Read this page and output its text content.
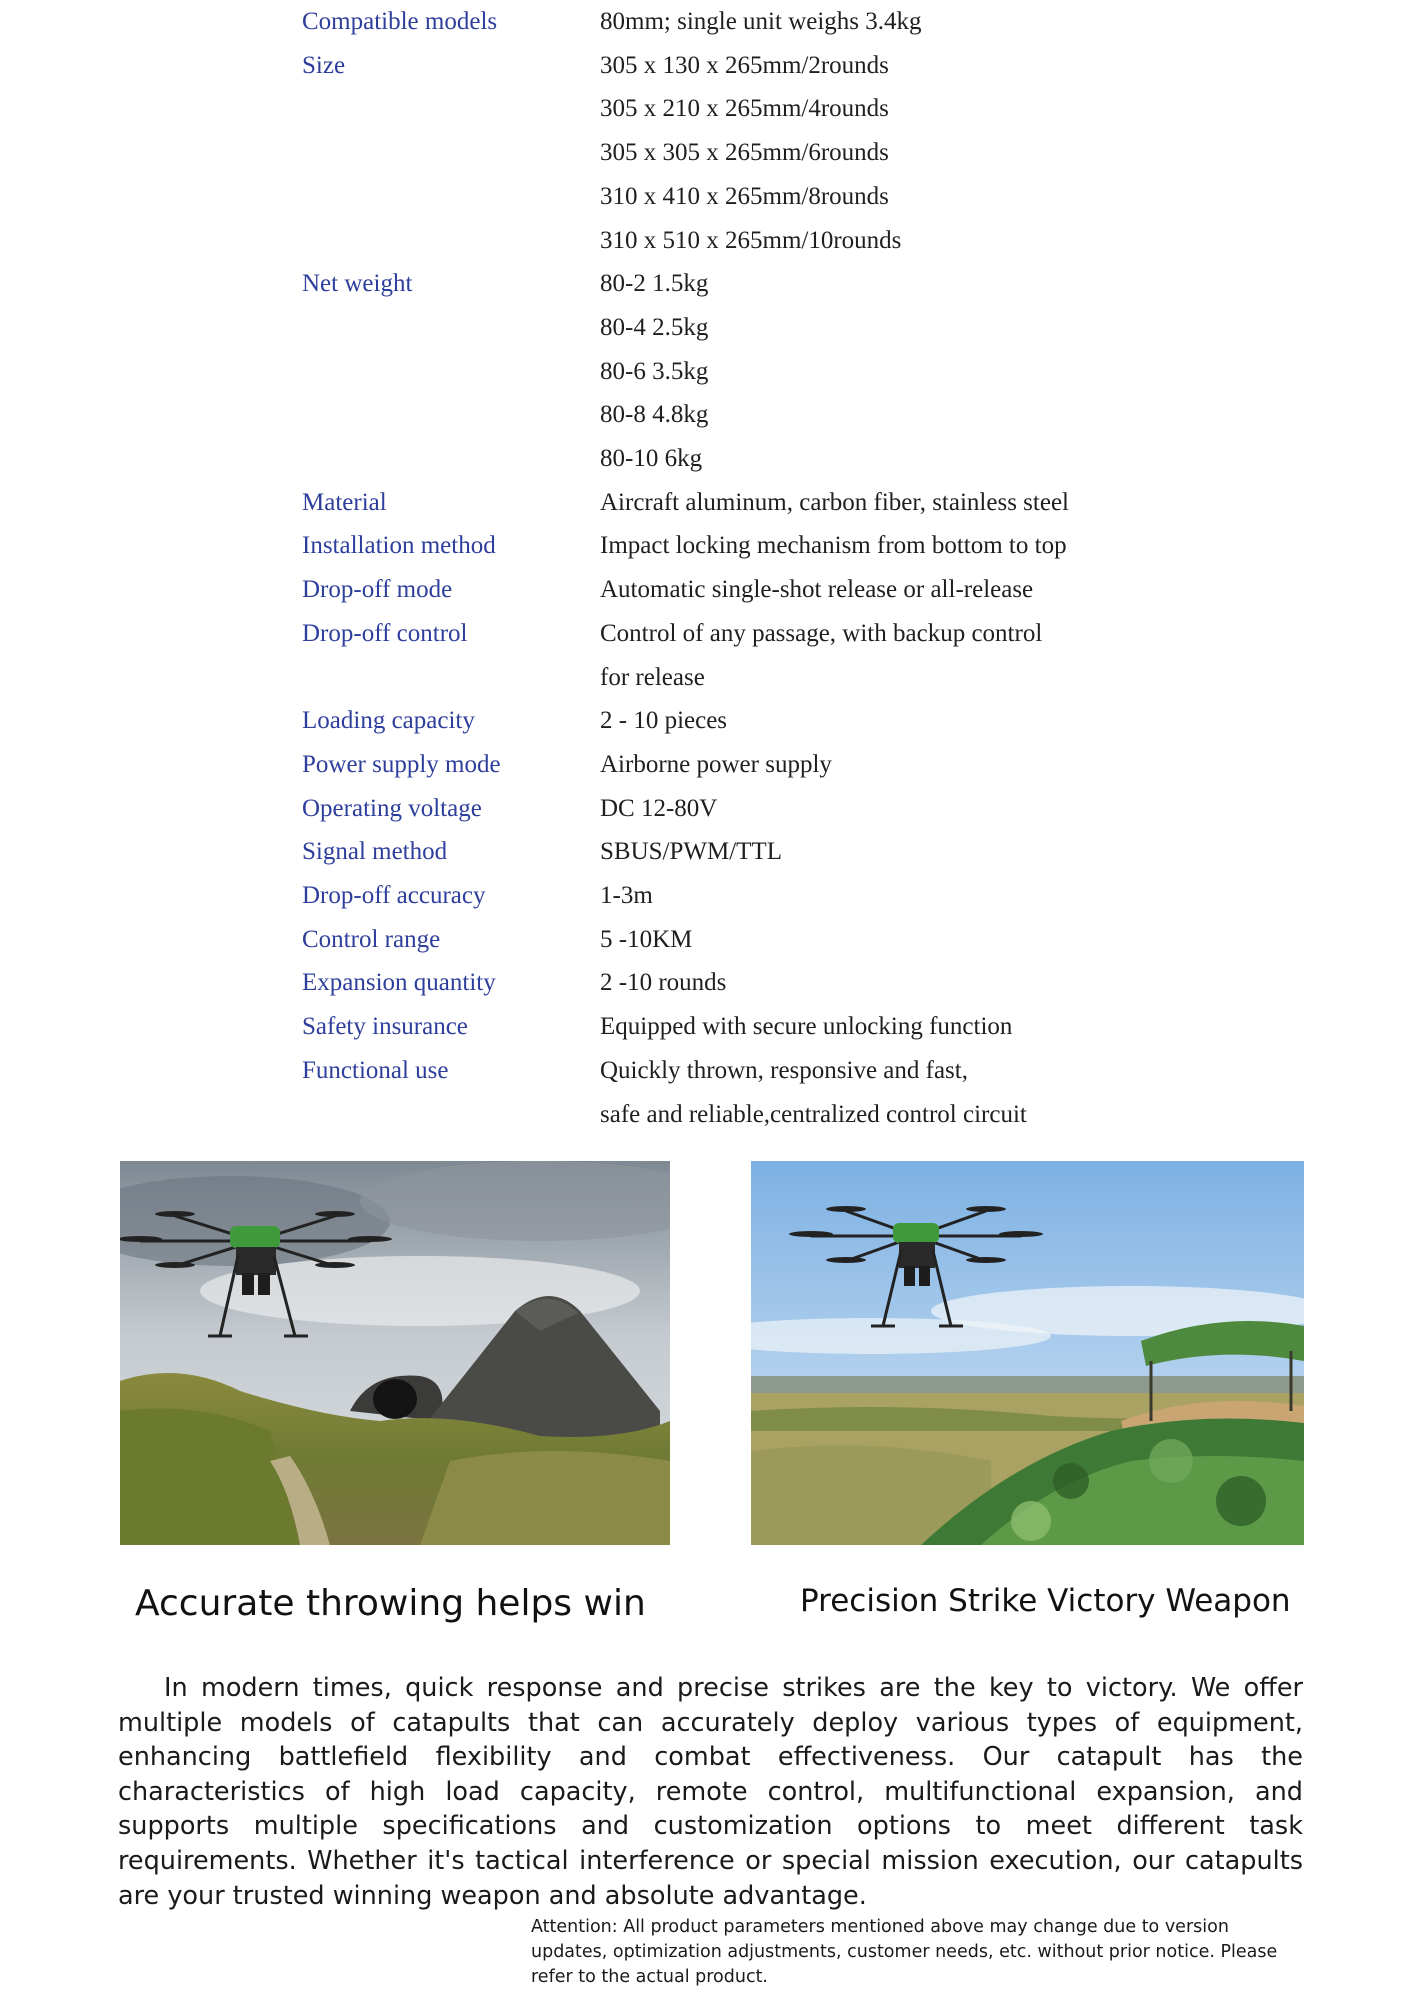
Compatible models	80mm; single unit weighs 3.4kg
Size	305 x 130 x 265mm/2rounds
305 x 210 x 265mm/4rounds
305 x 305 x 265mm/6rounds
310 x 410 x 265mm/8rounds
310 x 510 x 265mm/10rounds
Net weight	80-2 1.5kg
80-4 2.5kg
80-6 3.5kg
80-8 4.8kg
80-10 6kg
Material	Aircraft aluminum, carbon fiber, stainless steel
Installation method	Impact locking mechanism from bottom to top
Drop-off mode	Automatic single-shot release or all-release
Drop-off control	Control of any passage, with backup control
for release
Loading capacity	2 - 10 pieces
Power supply mode	Airborne power supply
Operating voltage	DC 12-80V
Signal method	SBUS/PWM/TTL
Drop-off accuracy	1-3m
Control range	5 -10KM
Expansion quantity	2 -10 rounds
Safety insurance	Equipped with secure unlocking function
Functional use	Quickly thrown, responsive and fast,
safe and reliable,centralized control circuit
Accurate throwing helps win	Precision Strike Victory Weapon

In modern times, quick response and precise strikes are the key to victory. We offer multiple models of catapults that can accurately deploy various types of equipment, enhancing battlefield flexibility and combat effectiveness. Our catapult has the characteristics of high load capacity, remote control, multifunctional expansion, and supports multiple specifications and customization options to meet different task requirements. Whether it's tactical interference or special mission execution, our catapults are your trusted winning weapon and absolute advantage.

Attention: All product parameters mentioned above may change due to version updates, optimization adjustments, customer needs, etc. without prior notice. Please refer to the actual product.
